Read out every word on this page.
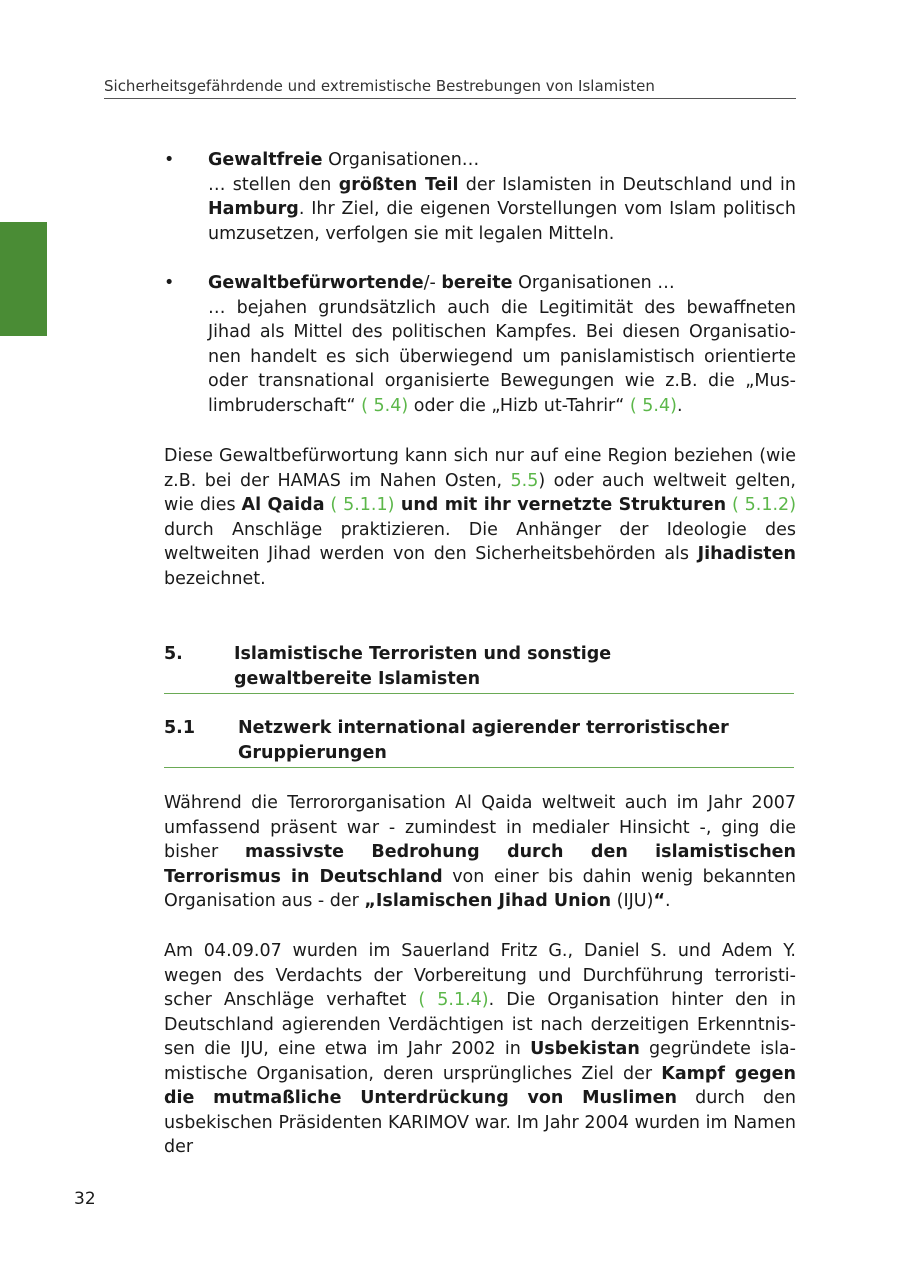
Sicherheitsgefährdende und extremistische Bestrebungen von Islamisten
•	Gewaltfreie Organisationen…
… stellen den größten Teil der Islamisten in Deutschland und in Hamburg. Ihr Ziel, die eigenen Vorstellungen vom Islam politisch umzusetzen, verfolgen sie mit legalen Mitteln.
•	Gewaltbefürwortende/- bereite Organisationen …
… bejahen grundsätzlich auch die Legitimität des bewaffneten Jihad als Mittel des politischen Kampfes. Bei diesen Organisationen handelt es sich überwiegend um panislamistisch orientierte oder transnational organisierte Bewegungen wie z.B. die „Muslimbruderschaft“ ( 5.4) oder die „Hizb ut-Tahrir“ ( 5.4).
Diese Gewaltbefürwortung kann sich nur auf eine Region beziehen (wie z.B. bei der HAMAS im Nahen Osten, 5.5) oder auch weltweit gelten, wie dies Al Qaida ( 5.1.1) und mit ihr vernetzte Strukturen ( 5.1.2) durch Anschläge praktizieren. Die Anhänger der Ideologie des weltweiten Jihad werden von den Sicherheitsbehörden als Jihadisten bezeichnet.
5.	Islamistische Terroristen und sonstige
gewaltbereite Islamisten
5.1 Netzwerk international agierender terroristischer
Gruppierungen
Während die Terrororganisation Al Qaida weltweit auch im Jahr 2007 umfassend präsent war - zumindest in medialer Hinsicht -, ging die bisher massivste Bedrohung durch den islamistischen Terrorismus in Deutschland von einer bis dahin wenig bekannten Organisation aus - der „Islamischen Jihad Union (IJU)“.
Am 04.09.07 wurden im Sauerland Fritz G., Daniel S. und Adem Y. wegen des Verdachts der Vorbereitung und Durchführung terroristischer Anschläge verhaftet ( 5.1.4). Die Organisation hinter den in Deutschland agierenden Verdächtigen ist nach derzeitigen Erkenntnissen die IJU, eine etwa im Jahr 2002 in Usbekistan gegründete islamistische Organisation, deren ursprüngliches Ziel der Kampf gegen die mutmaßliche Unterdrückung von Muslimen durch den usbekischen Präsidenten KARIMOV war. Im Jahr 2004 wurden im Namen der
32
